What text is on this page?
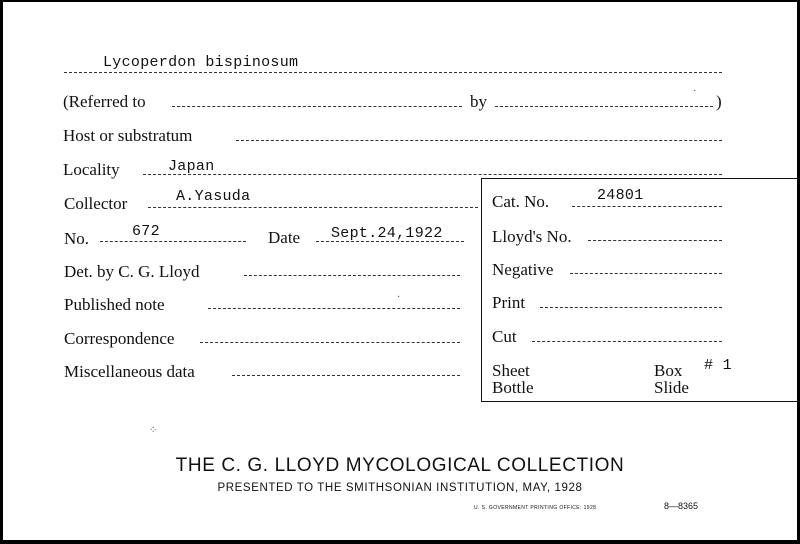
Lycoperdon bispinosum
(Referred to	by	)
Host or substratum
Locality	Japan
Collector	A.Yasuda
No.	672	Date Sept.24,1922
Det. by C. G. Lloyd
Published note
Correspondence
Miscellaneous data
Cat. No.	24801
Lloyd's No.
Negative
Print
Cut
Sheet
Bottle
Box # 1
Slide
⁘
·
·
THE C. G. LLOYD MYCOLOGICAL COLLECTION
PRESENTED TO THE SMITHSONIAN INSTITUTION, MAY, 1928
U. S. GOVERNMENT PRINTING OFFICE: 1928	8—8365
